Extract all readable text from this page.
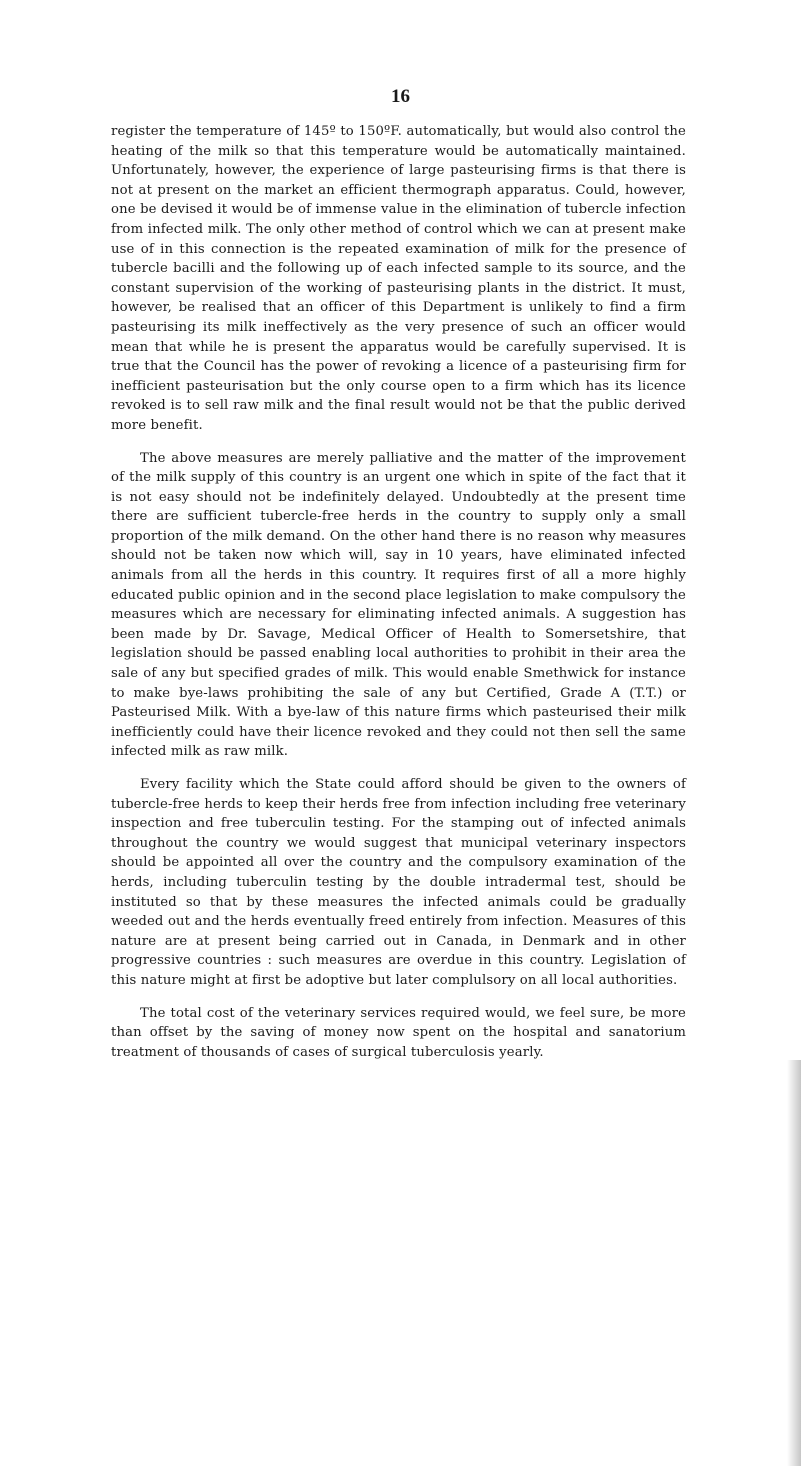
16

register the temperature of 145º to 150ºF. automatically, but would also control the heating of the milk so that this temperature would be automatically maintained. Unfortunately, however, the experience of large pasteurising firms is that there is not at present on the market an efficient thermograph apparatus. Could, however, one be devised it would be of immense value in the elimination of tubercle infection from infected milk. The only other method of control which we can at present make use of in this connection is the repeated examination of milk for the presence of tubercle bacilli and the following up of each infected sample to its source, and the constant supervision of the working of pasteurising plants in the district. It must, however, be realised that an officer of this Department is unlikely to find a firm pasteurising its milk ineffectively as the very presence of such an officer would mean that while he is present the apparatus would be carefully supervised. It is true that the Council has the power of revoking a licence of a pasteurising firm for inefficient pasteurisation but the only course open to a firm which has its licence revoked is to sell raw milk and the final result would not be that the public derived more benefit.

The above measures are merely palliative and the matter of the improvement of the milk supply of this country is an urgent one which in spite of the fact that it is not easy should not be indefinitely delayed. Undoubtedly at the present time there are sufficient tubercle-free herds in the country to supply only a small proportion of the milk demand. On the other hand there is no reason why measures should not be taken now which will, say in 10 years, have eliminated infected animals from all the herds in this country. It requires first of all a more highly educated public opinion and in the second place legislation to make compulsory the measures which are necessary for eliminating infected animals. A suggestion has been made by Dr. Savage, Medical Officer of Health to Somersetshire, that legislation should be passed enabling local authorities to prohibit in their area the sale of any but specified grades of milk. This would enable Smethwick for instance to make bye-laws prohibiting the sale of any but Certified, Grade A (T.T.) or Pasteurised Milk. With a bye-law of this nature firms which pasteurised their milk inefficiently could have their licence revoked and they could not then sell the same infected milk as raw milk.

Every facility which the State could afford should be given to the owners of tubercle-free herds to keep their herds free from infection including free veterinary inspection and free tuberculin testing. For the stamping out of infected animals throughout the country we would suggest that municipal veterinary inspectors should be appointed all over the country and the compulsory examination of the herds, including tuberculin testing by the double intradermal test, should be instituted so that by these measures the infected animals could be gradually weeded out and the herds eventually freed entirely from infection. Measures of this nature are at present being carried out in Canada, in Denmark and in other progressive countries : such measures are overdue in this country. Legislation of this nature might at first be adoptive but later complulsory on all local authorities.

The total cost of the veterinary services required would, we feel sure, be more than offset by the saving of money now spent on the hospital and sanatorium treatment of thousands of cases of surgical tuberculosis yearly.
